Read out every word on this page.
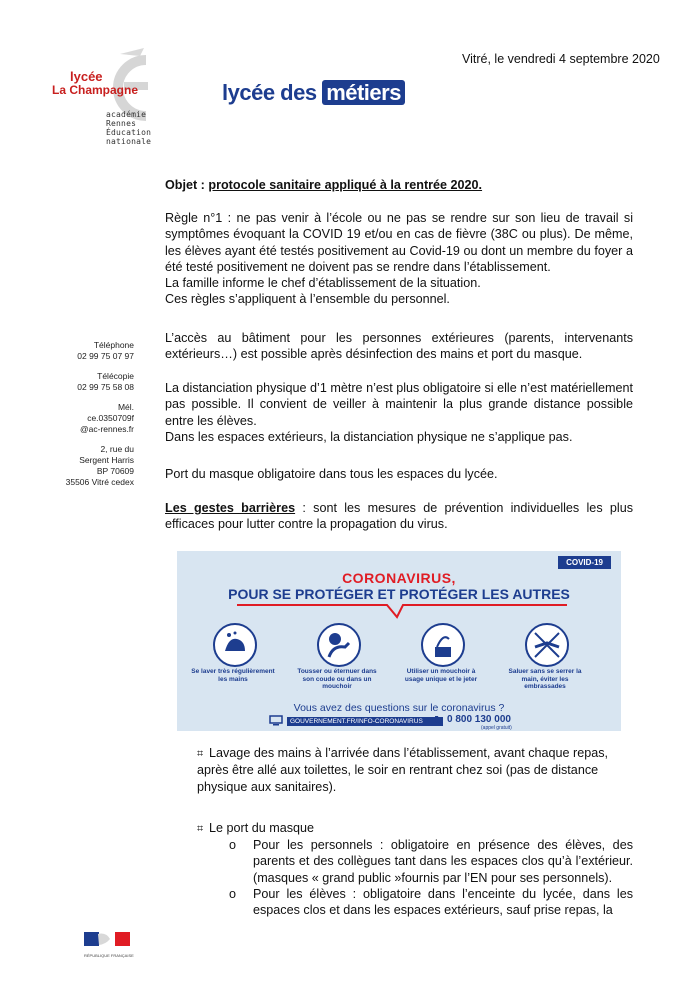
lycée
La Champagne
académie
Rennes
Éducation
nationale
lycée des métiers
Vitré, le vendredi 4 septembre 2020
Téléphone
02 99 75 07 97
Télécopie
02 99 75 58 08
Mél.
ce.0350709f
@ac-rennes.fr
2, rue du
Sergent Harris
BP 70609
35506 Vitré cedex

Objet : protocole sanitaire appliqué à la rentrée 2020.

Règle n°1 : ne pas venir à l’école ou ne pas se rendre sur son lieu de travail si symptômes évoquant la COVID 19 et/ou en cas de fièvre (38C ou plus). De même, les élèves ayant été testés positivement au Covid-19 ou dont un membre du foyer a été testé positivement ne doivent pas se rendre dans l’établissement.

La famille informe le chef d’établissement de la situation.

Ces règles s’appliquent à l’ensemble du personnel.

L’accès au bâtiment pour les personnes extérieures (parents, intervenants extérieurs…) est possible après désinfection des mains et port du masque.

La distanciation physique d’1 mètre n’est plus obligatoire si elle n’est matériellement pas possible. Il convient de veiller à maintenir la plus grande distance possible entre les élèves.

Dans les espaces extérieurs, la distanciation physique ne s’applique pas.

Port du masque obligatoire dans tous les espaces du lycée.
Les gestes barrières : sont les mesures de prévention individuelles les plus efficaces pour lutter contre la propagation du virus.
COVID-19
CORONAVIRUS,
POUR SE PROTÉGER ET PROTÉGER LES AUTRES
Se laver très régulièrement les mains
Tousser ou éternuer dans son coude ou dans un mouchoir
Utiliser un mouchoir à usage unique et le jeter
Saluer sans se serrer la main, éviter les embrassades
Vous avez des questions sur le coronavirus ?
GOUVERNEMENT.FR/INFO-CORONAVIRUS	0 800 130 000
(appel gratuit)
⌗ Lavage des mains à l’arrivée dans l’établissement, avant chaque repas, après être allé aux toilettes, le soir en rentrant chez soi (pas de distance physique aux sanitaires).
⌗ Le port du masque
o Pour les personnels : obligatoire en présence des élèves, des parents et des collègues tant dans les espaces clos qu’à l’extérieur. (masques « grand public »fournis par l’EN pour ses personnels).
o Pour les élèves : obligatoire dans l’enceinte du lycée, dans les espaces clos et dans les espaces extérieurs, sauf prise repas, la
RÉPUBLIQUE FRANÇAISE
